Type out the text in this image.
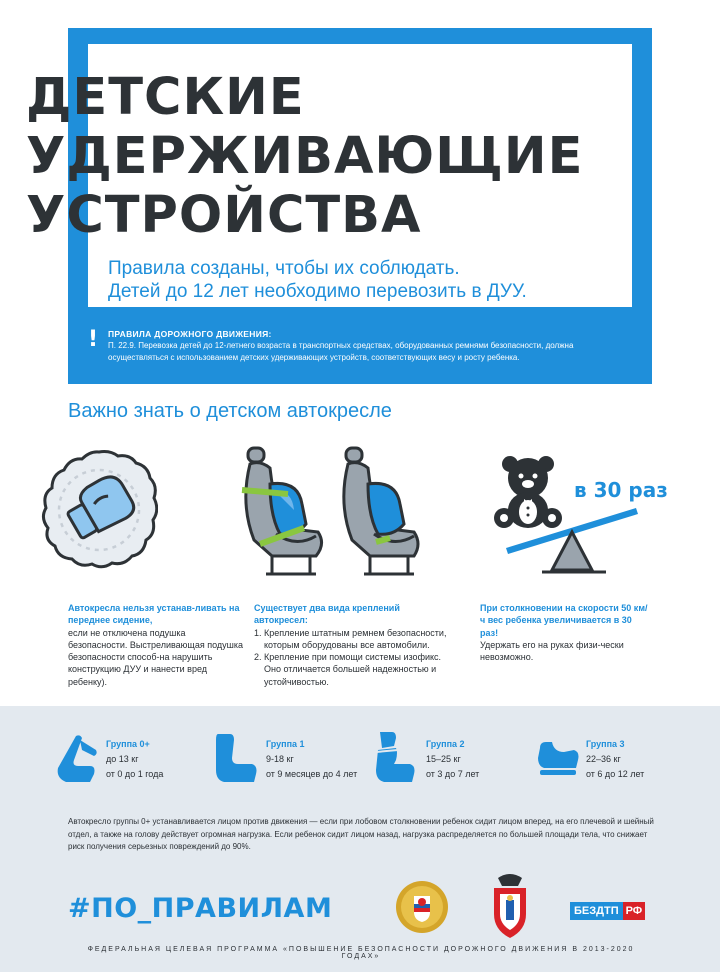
ДЕТСКИЕ
УДЕРЖИВАЮЩИЕ
УСТРОЙСТВА
Правила созданы, чтобы их соблюдать.
Детей до 12 лет необходимо перевозить в ДУУ.
! ПРАВИЛА ДОРОЖНОГО ДВИЖЕНИЯ:
П. 22.9. Перевозка детей до 12-летнего возраста в транспортных средствах, оборудованных ремнями безопасности, должна осуществляться с использованием детских удерживающих устройств, соответствующих весу и росту ребенка.
Важно знать о детском автокресле
в 30 раз
Автокресла нельзя устанав-ливать на переднее сидение,
если не отключена подушка безопасности. Выстреливающая подушка безопасности способ-на нарушить конструкцию ДУУ и нанести вред ребенку).
Существует два вида креплений автокресел:
1. Крепление штатным ремнем безопасности, которым оборудованы все автомобили.
2. Крепление при помощи системы изофикс. Оно отличается большей надежностью и устойчивостью.
При столкновении на скорости 50 км/ч вес ребенка увеличивается в 30 раз!
Удержать его на руках физи-чески невозможно.
Группа 0+
до 13 кг
от 0 до 1 года
Группа 1
9-18 кг
от 9 месяцев до 4 лет
Группа 2
15–25 кг
от 3 до 7 лет
Группа 3
22–36 кг
от 6 до 12 лет
Автокресло группы 0+ устанавливается лицом против движения — если при лобовом столкновении ребенок сидит лицом вперед, на его плечевой и шейный отдел, а также на голову действует огромная нагрузка. Если ребенок сидит лицом назад, нагрузка распределяется по большей площади тела, что снижает риск получения серьезных повреждений до 90%.
#ПО_ПРАВИЛАМ	БЕЗДТП РФ
ФЕДЕРАЛЬНАЯ ЦЕЛЕВАЯ ПРОГРАММА «ПОВЫШЕНИЕ БЕЗОПАСНОСТИ ДОРОЖНОГО ДВИЖЕНИЯ В 2013-2020 ГОДАХ»
